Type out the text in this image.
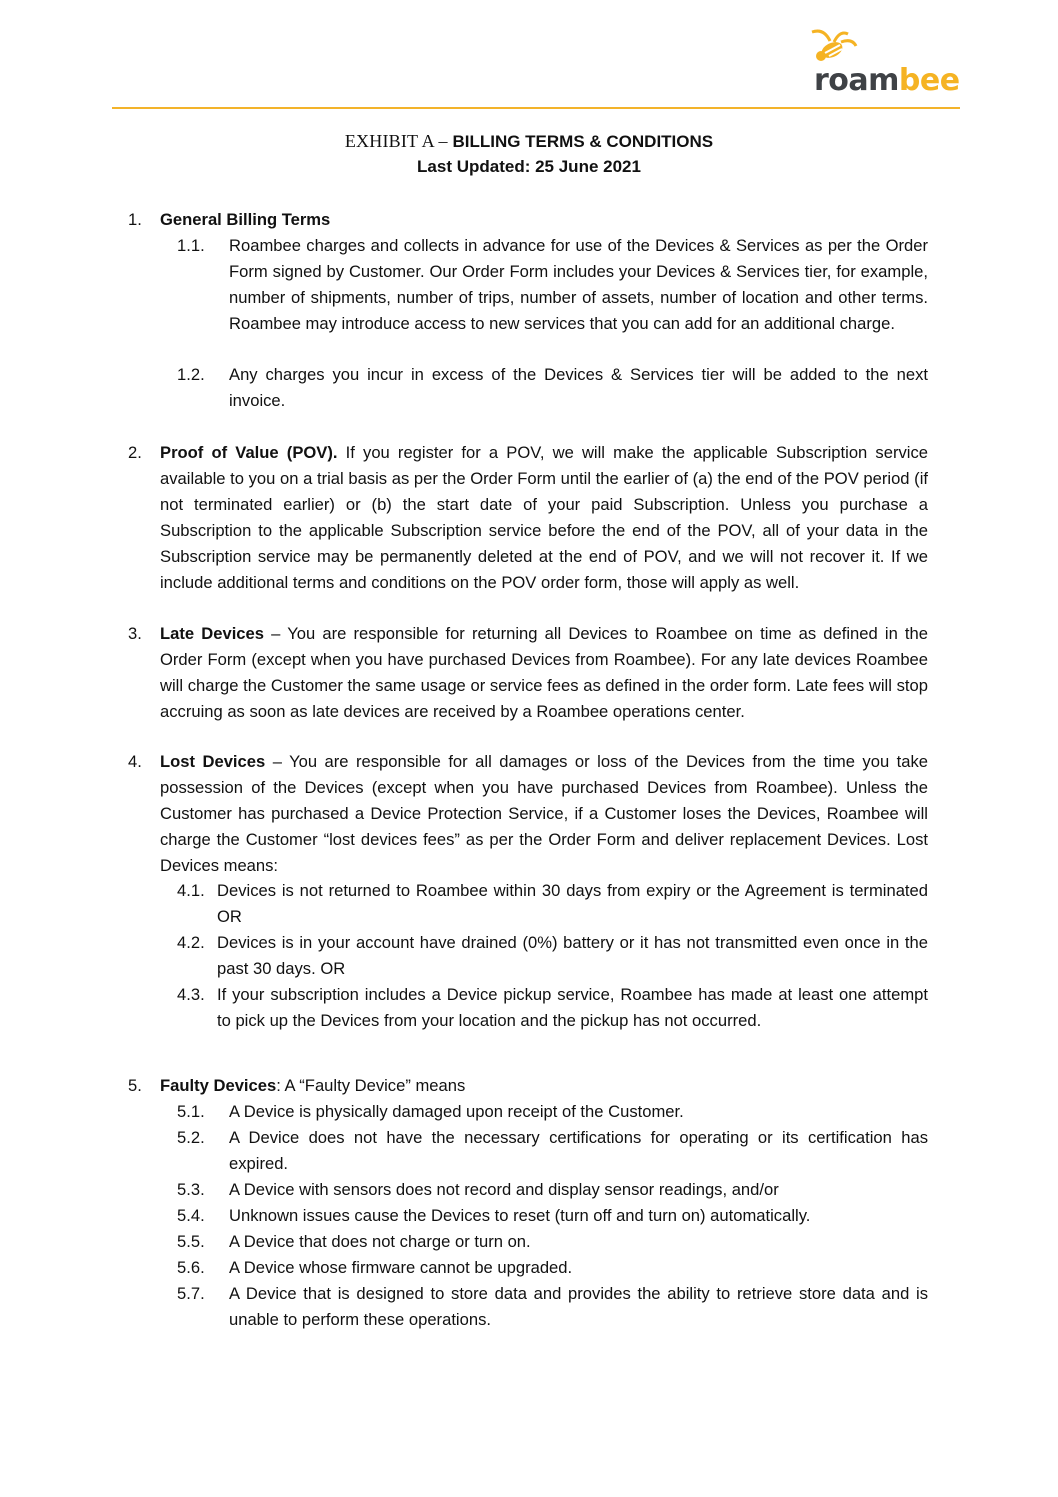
roambee
EXHIBIT A – BILLING TERMS & CONDITIONS
Last Updated: 25 June 2021
1. General Billing Terms
1.1. Roambee charges and collects in advance for use of the Devices & Services as per the Order Form signed by Customer. Our Order Form includes your Devices & Services tier, for example, number of shipments, number of trips, number of assets, number of location and other terms. Roambee may introduce access to new services that you can add for an additional charge.
1.2. Any charges you incur in excess of the Devices & Services tier will be added to the next invoice.
2. Proof of Value (POV). If you register for a POV, we will make the applicable Subscription service available to you on a trial basis as per the Order Form until the earlier of (a) the end of the POV period (if not terminated earlier) or (b) the start date of your paid Subscription. Unless you purchase a Subscription to the applicable Subscription service before the end of the POV, all of your data in the Subscription service may be permanently deleted at the end of POV, and we will not recover it. If we include additional terms and conditions on the POV order form, those will apply as well.
3. Late Devices – You are responsible for returning all Devices to Roambee on time as defined in the Order Form (except when you have purchased Devices from Roambee). For any late devices Roambee will charge the Customer the same usage or service fees as defined in the order form. Late fees will stop accruing as soon as late devices are received by a Roambee operations center.
4. Lost Devices – You are responsible for all damages or loss of the Devices from the time you take possession of the Devices (except when you have purchased Devices from Roambee). Unless the Customer has purchased a Device Protection Service, if a Customer loses the Devices, Roambee will charge the Customer “lost devices fees” as per the Order Form and deliver replacement Devices. Lost Devices means:
4.1. Devices is not returned to Roambee within 30 days from expiry or the Agreement is terminated OR
4.2. Devices is in your account have drained (0%) battery or it has not transmitted even once in the past 30 days. OR
4.3. If your subscription includes a Device pickup service, Roambee has made at least one attempt to pick up the Devices from your location and the pickup has not occurred.
5. Faulty Devices: A “Faulty Device” means
5.1. A Device is physically damaged upon receipt of the Customer.
5.2. A Device does not have the necessary certifications for operating or its certification has expired.
5.3. A Device with sensors does not record and display sensor readings, and/or
5.4. Unknown issues cause the Devices to reset (turn off and turn on) automatically.
5.5. A Device that does not charge or turn on.
5.6. A Device whose firmware cannot be upgraded.
5.7. A Device that is designed to store data and provides the ability to retrieve store data and is unable to perform these operations.
